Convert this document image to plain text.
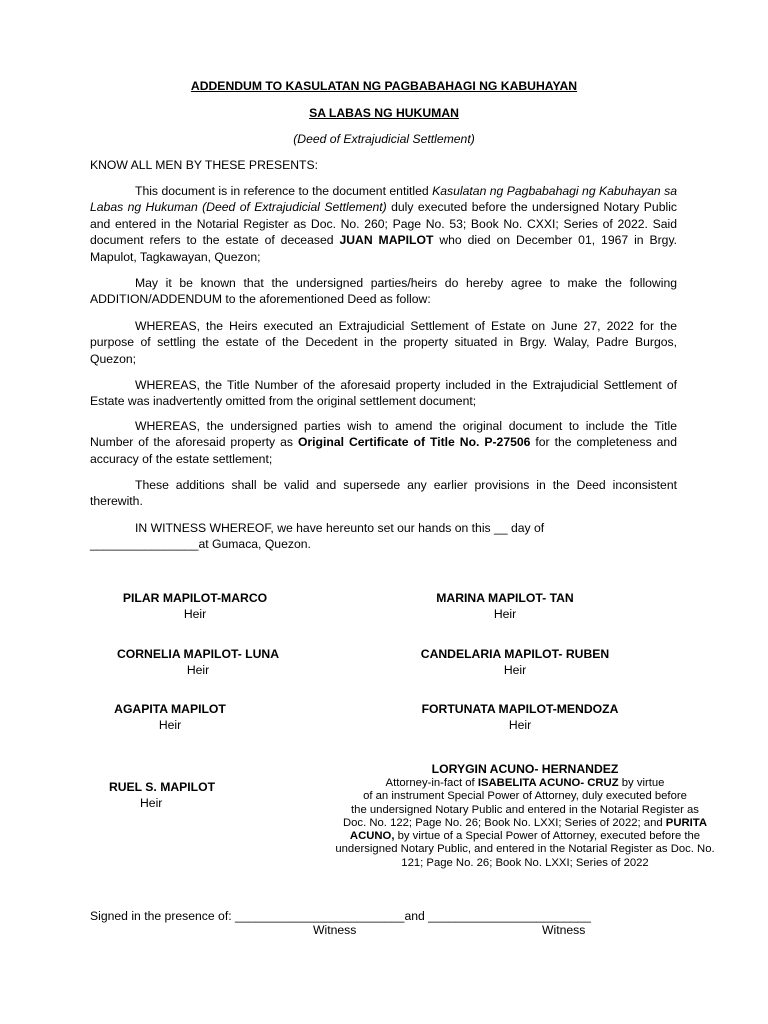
ADDENDUM TO KASULATAN NG PAGBABAHAGI NG KABUHAYAN
SA LABAS NG HUKUMAN
(Deed of Extrajudicial Settlement)
KNOW ALL MEN BY THESE PRESENTS:
This document is in reference to the document entitled Kasulatan ng Pagbabahagi ng Kabuhayan sa Labas ng Hukuman (Deed of Extrajudicial Settlement) duly executed before the undersigned Notary Public and entered in the Notarial Register as Doc. No. 260; Page No. 53; Book No. CXXI; Series of 2022. Said document refers to the estate of deceased JUAN MAPILOT who died on December 01, 1967 in Brgy. Mapulot, Tagkawayan, Quezon;
May it be known that the undersigned parties/heirs do hereby agree to make the following ADDITION/ADDENDUM to the aforementioned Deed as follow:
WHEREAS, the Heirs executed an Extrajudicial Settlement of Estate on June 27, 2022 for the purpose of settling the estate of the Decedent in the property situated in Brgy. Walay, Padre Burgos, Quezon;
WHEREAS, the Title Number of the aforesaid property included in the Extrajudicial Settlement of Estate was inadvertently omitted from the original settlement document;
WHEREAS, the undersigned parties wish to amend the original document to include the Title Number of the aforesaid property as Original Certificate of Title No. P-27506 for the completeness and accuracy of the estate settlement;
These additions shall be valid and supersede any earlier provisions in the Deed inconsistent therewith.
IN WITNESS WHEREOF, we have hereunto set our hands on this __ day of
________________at Gumaca, Quezon.
PILAR MAPILOT-MARCO
Heir
MARINA MAPILOT- TAN
Heir
CORNELIA MAPILOT- LUNA
Heir
CANDELARIA MAPILOT- RUBEN
Heir
AGAPITA MAPILOT
Heir
FORTUNATA MAPILOT-MENDOZA
Heir
RUEL S. MAPILOT
Heir
LORYGIN ACUNO- HERNANDEZ
Attorney-in-fact of ISABELITA ACUNO- CRUZ by virtue
of an instrument Special Power of Attorney, duly executed before
the undersigned Notary Public and entered in the Notarial Register as
Doc. No. 122; Page No. 26; Book No. LXXI; Series of 2022; and PURITA
ACUNO, by virtue of a Special Power of Attorney, executed before the
undersigned Notary Public, and entered in the Notarial Register as Doc. No.
121; Page No. 26; Book No. LXXI; Series of 2022
Signed in the presence of: _________________________and ________________________
Witness	Witness
